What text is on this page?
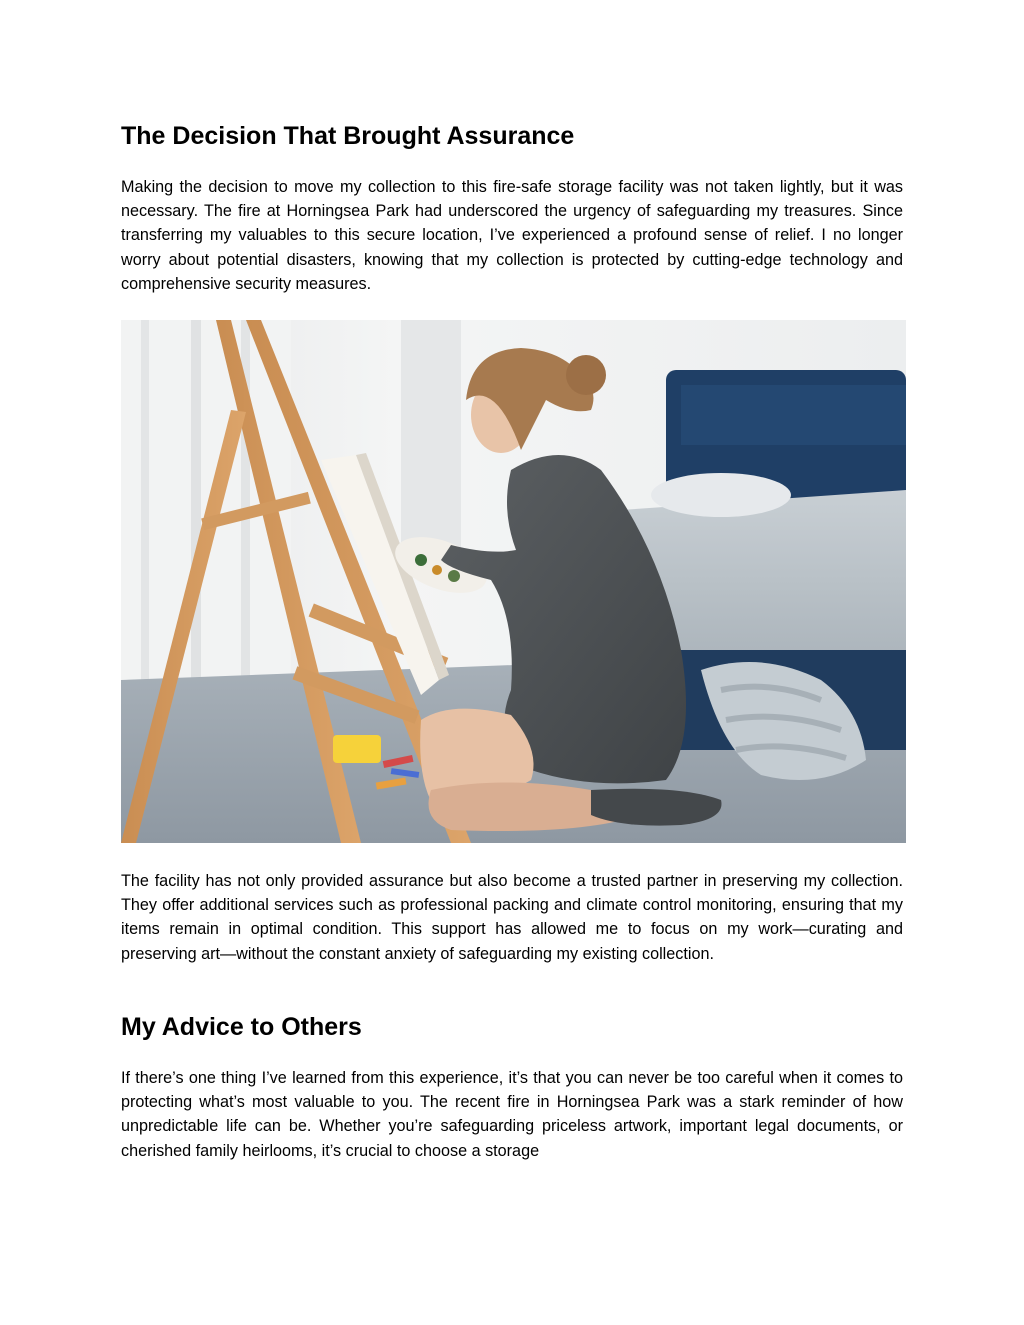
The Decision That Brought Assurance

Making the decision to move my collection to this fire-safe storage facility was not taken lightly, but it was necessary. The fire at Horningsea Park had underscored the urgency of safeguarding my treasures. Since transferring my valuables to this secure location, I’ve experienced a profound sense of relief. I no longer worry about potential disasters, knowing that my collection is protected by cutting-edge technology and comprehensive security measures.

The facility has not only provided assurance but also become a trusted partner in preserving my collection. They offer additional services such as professional packing and climate control monitoring, ensuring that my items remain in optimal condition. This support has allowed me to focus on my work—curating and preserving art—without the constant anxiety of safeguarding my existing collection.

My Advice to Others

If there’s one thing I’ve learned from this experience, it’s that you can never be too careful when it comes to protecting what’s most valuable to you. The recent fire in Horningsea Park was a stark reminder of how unpredictable life can be. Whether you’re safeguarding priceless artwork, important legal documents, or cherished family heirlooms, it’s crucial to choose a storage
